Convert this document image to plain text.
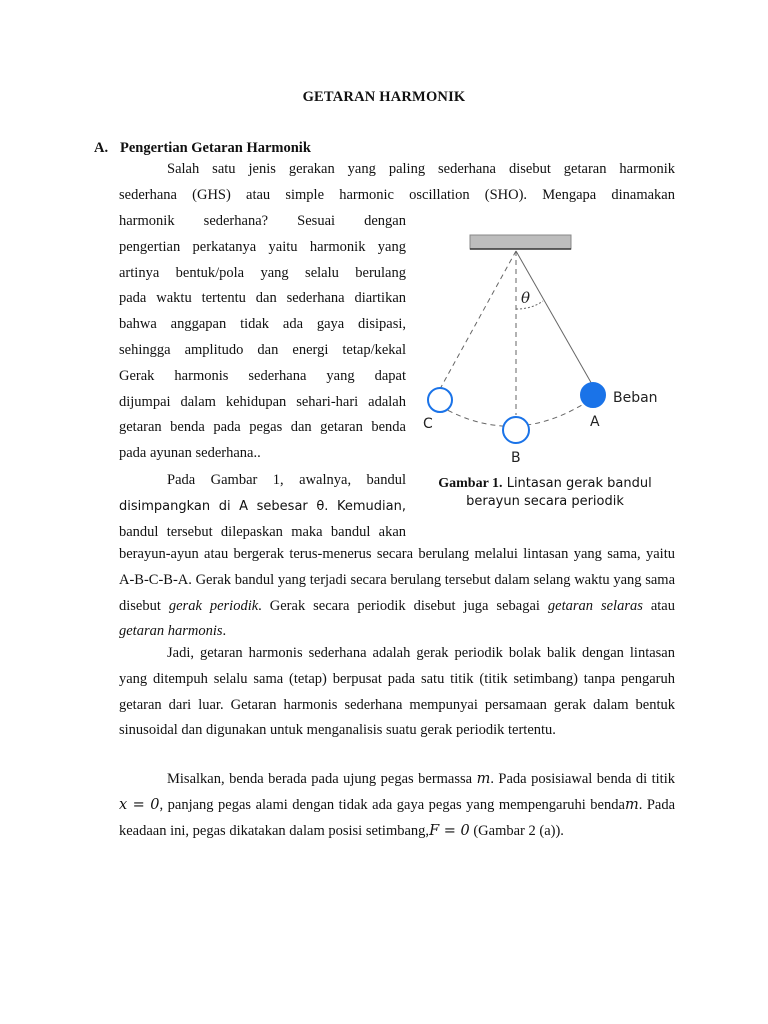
GETARAN HARMONIK
A. Pengertian Getaran Harmonik
Salah satu jenis gerakan yang paling sederhana disebut getaran harmonik
sederhana (GHS) atau simple harmonic oscillation (SHO). Mengapa dinamakan
harmonik sederhana? Sesuai dengan
pengertian perkatanya yaitu harmonik yang
artinya bentuk/pola yang selalu berulang
pada waktu tertentu dan sederhana diartikan
bahwa anggapan tidak ada gaya disipasi,
sehingga amplitudo dan energi tetap/kekal
Gerak harmonis sederhana yang dapat
dijumpai dalam kehidupan sehari-hari adalah
getaran benda pada pegas dan getaran benda
pada ayunan sederhana..
Pada Gambar 1, awalnya, bandul
disimpangkan di A sebesar θ. Kemudian,
bandul tersebut dilepaskan maka bandul akan
berayun-ayun atau bergerak terus-menerus secara berulang melalui lintasan yang sama, yaitu A-B-C-B-A. Gerak bandul yang terjadi secara berulang tersebut dalam selang waktu yang sama disebut gerak periodik. Gerak secara periodik disebut juga sebagai getaran selaras atau getaran harmonis.
Jadi, getaran harmonis sederhana adalah gerak periodik bolak balik dengan lintasan yang ditempuh selalu sama (tetap) berpusat pada satu titik (titik setimbang) tanpa pengaruh getaran dari luar. Getaran harmonis sederhana mempunyai persamaan gerak dalam bentuk sinusoidal dan digunakan untuk menganalisis suatu gerak periodik tertentu.
Misalkan, benda berada pada ujung pegas bermassa m. Pada posisiawal benda di titik x = 0, panjang pegas alami dengan tidak ada gaya pegas yang mempengaruhi bendam. Pada keadaan ini, pegas dikatakan dalam posisi setimbang,F = 0 (Gambar 2 (a)).
θ
Beban
A
B
C
Gambar 1. Lintasan gerak bandul berayun secara periodik
